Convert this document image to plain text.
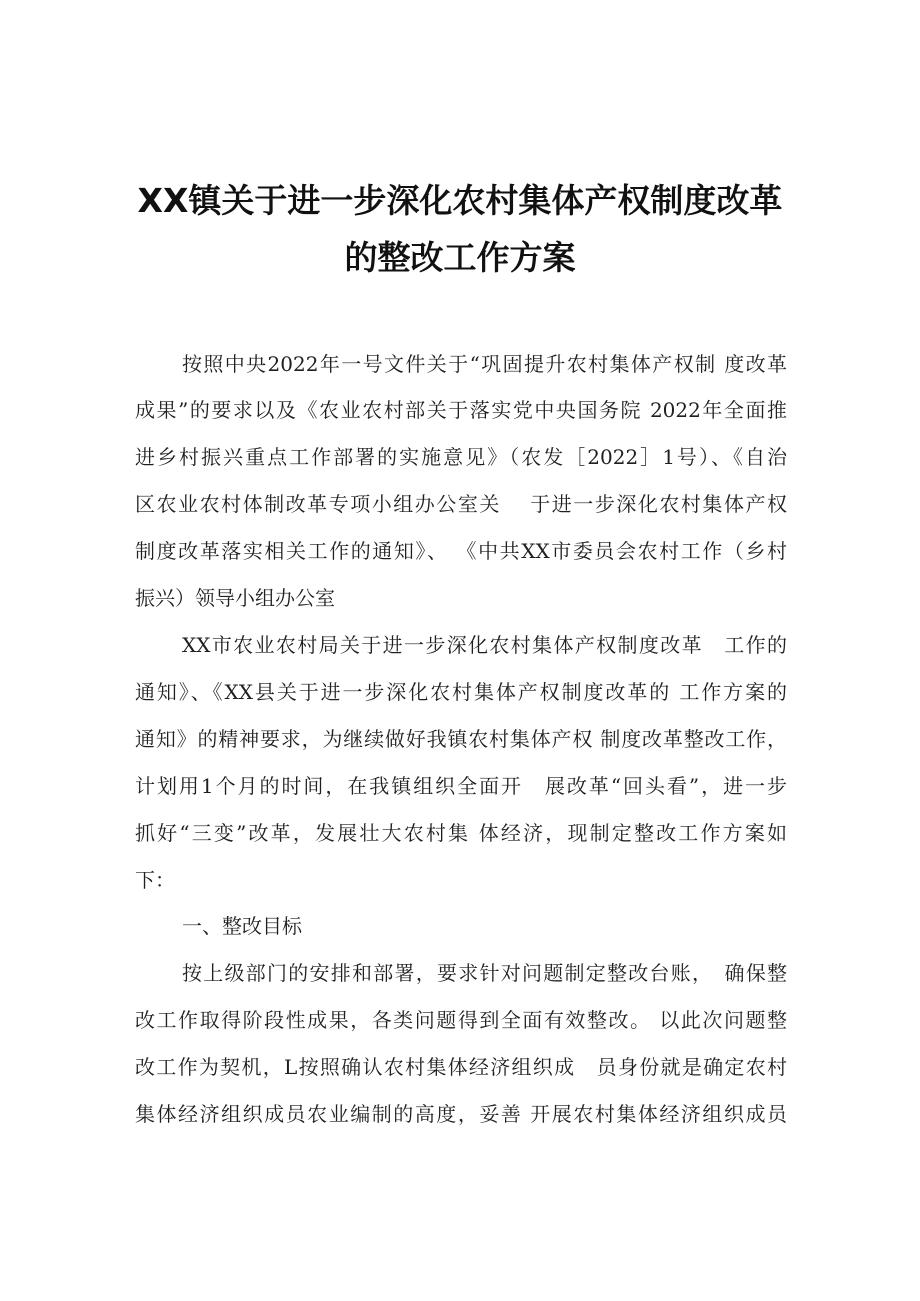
XX镇关于进一步深化农村集体产权制度改革
的整改工作方案
按照中央2022年一号文件关于“巩固提升农村集体产权制 度改革
成果”的要求以及《农业农村部关于落实党中央国务院 2022年全面推
进乡村振兴重点工作部署的实施意见》（农发［2022］1号）、《自治
区农业农村体制改革专项小组办公室关　 于进一步深化农村集体产权
制度改革落实相关工作的通知》、 《中共XX市委员会农村工作（乡村
振兴）领导小组办公室
XX市农业农村局关于进一步深化农村集体产权制度改革　工作的
通知》、《XX县关于进一步深化农村集体产权制度改革的 工作方案的
通知》的精神要求，为继续做好我镇农村集体产权 制度改革整改工作，
计划用1个月的时间，在我镇组织全面开　展改革“回头看”，进一步
抓好“三变”改革，发展壮大农村集 体经济，现制定整改工作方案如
下：
一、整改目标
按上级部门的安排和部署，要求针对问题制定整改台账，　确保整
改工作取得阶段性成果，各类问题得到全面有效整改。 以此次问题整
改工作为契机，L按照确认农村集体经济组织成　员身份就是确定农村
集体经济组织成员农业编制的高度，妥善 开展农村集体经济组织成员
